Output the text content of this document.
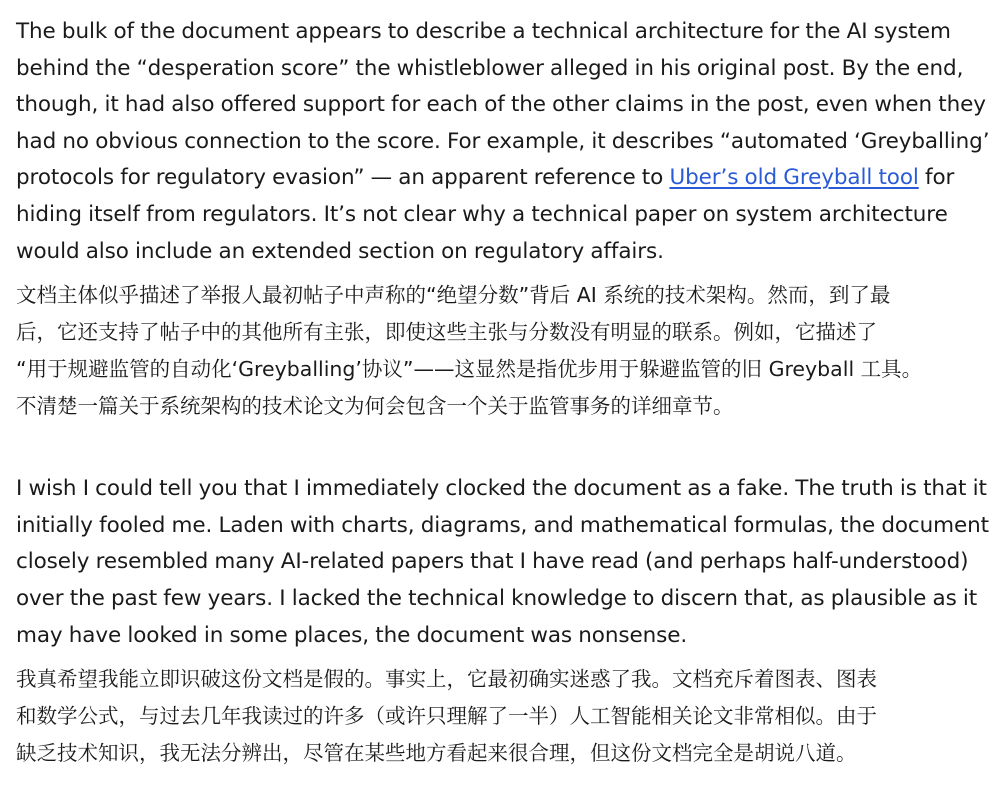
The bulk of the document appears to describe a technical architecture for the AI system
behind the “desperation score” the whistleblower alleged in his original post. By the end,
though, it had also offered support for each of the other claims in the post, even when they
had no obvious connection to the score. For example, it describes “automated ‘Greyballing’
protocols for regulatory evasion” — an apparent reference to Uber’s old Greyball tool for
hiding itself from regulators. It’s not clear why a technical paper on system architecture
would also include an extended section on regulatory affairs.

文档主体似乎描述了举报人最初帖子中声称的“绝望分数”背后 AI 系统的技术架构。然而，到了最
后，它还支持了帖子中的其他所有主张，即使这些主张与分数没有明显的联系。例如，它描述了
“用于规避监管的自动化‘Greyballing’协议”——这显然是指优步用于躲避监管的旧 Greyball 工具。
不清楚一篇关于系统架构的技术论文为何会包含一个关于监管事务的详细章节。

I wish I could tell you that I immediately clocked the document as a fake. The truth is that it
initially fooled me. Laden with charts, diagrams, and mathematical formulas, the document
closely resembled many AI-related papers that I have read (and perhaps half-understood)
over the past few years. I lacked the technical knowledge to discern that, as plausible as it
may have looked in some places, the document was nonsense.

我真希望我能立即识破这份文档是假的。事实上，它最初确实迷惑了我。文档充斥着图表、图表
和数学公式，与过去几年我读过的许多（或许只理解了一半）人工智能相关论文非常相似。由于
缺乏技术知识，我无法分辨出，尽管在某些地方看起来很合理，但这份文档完全是胡说八道。
